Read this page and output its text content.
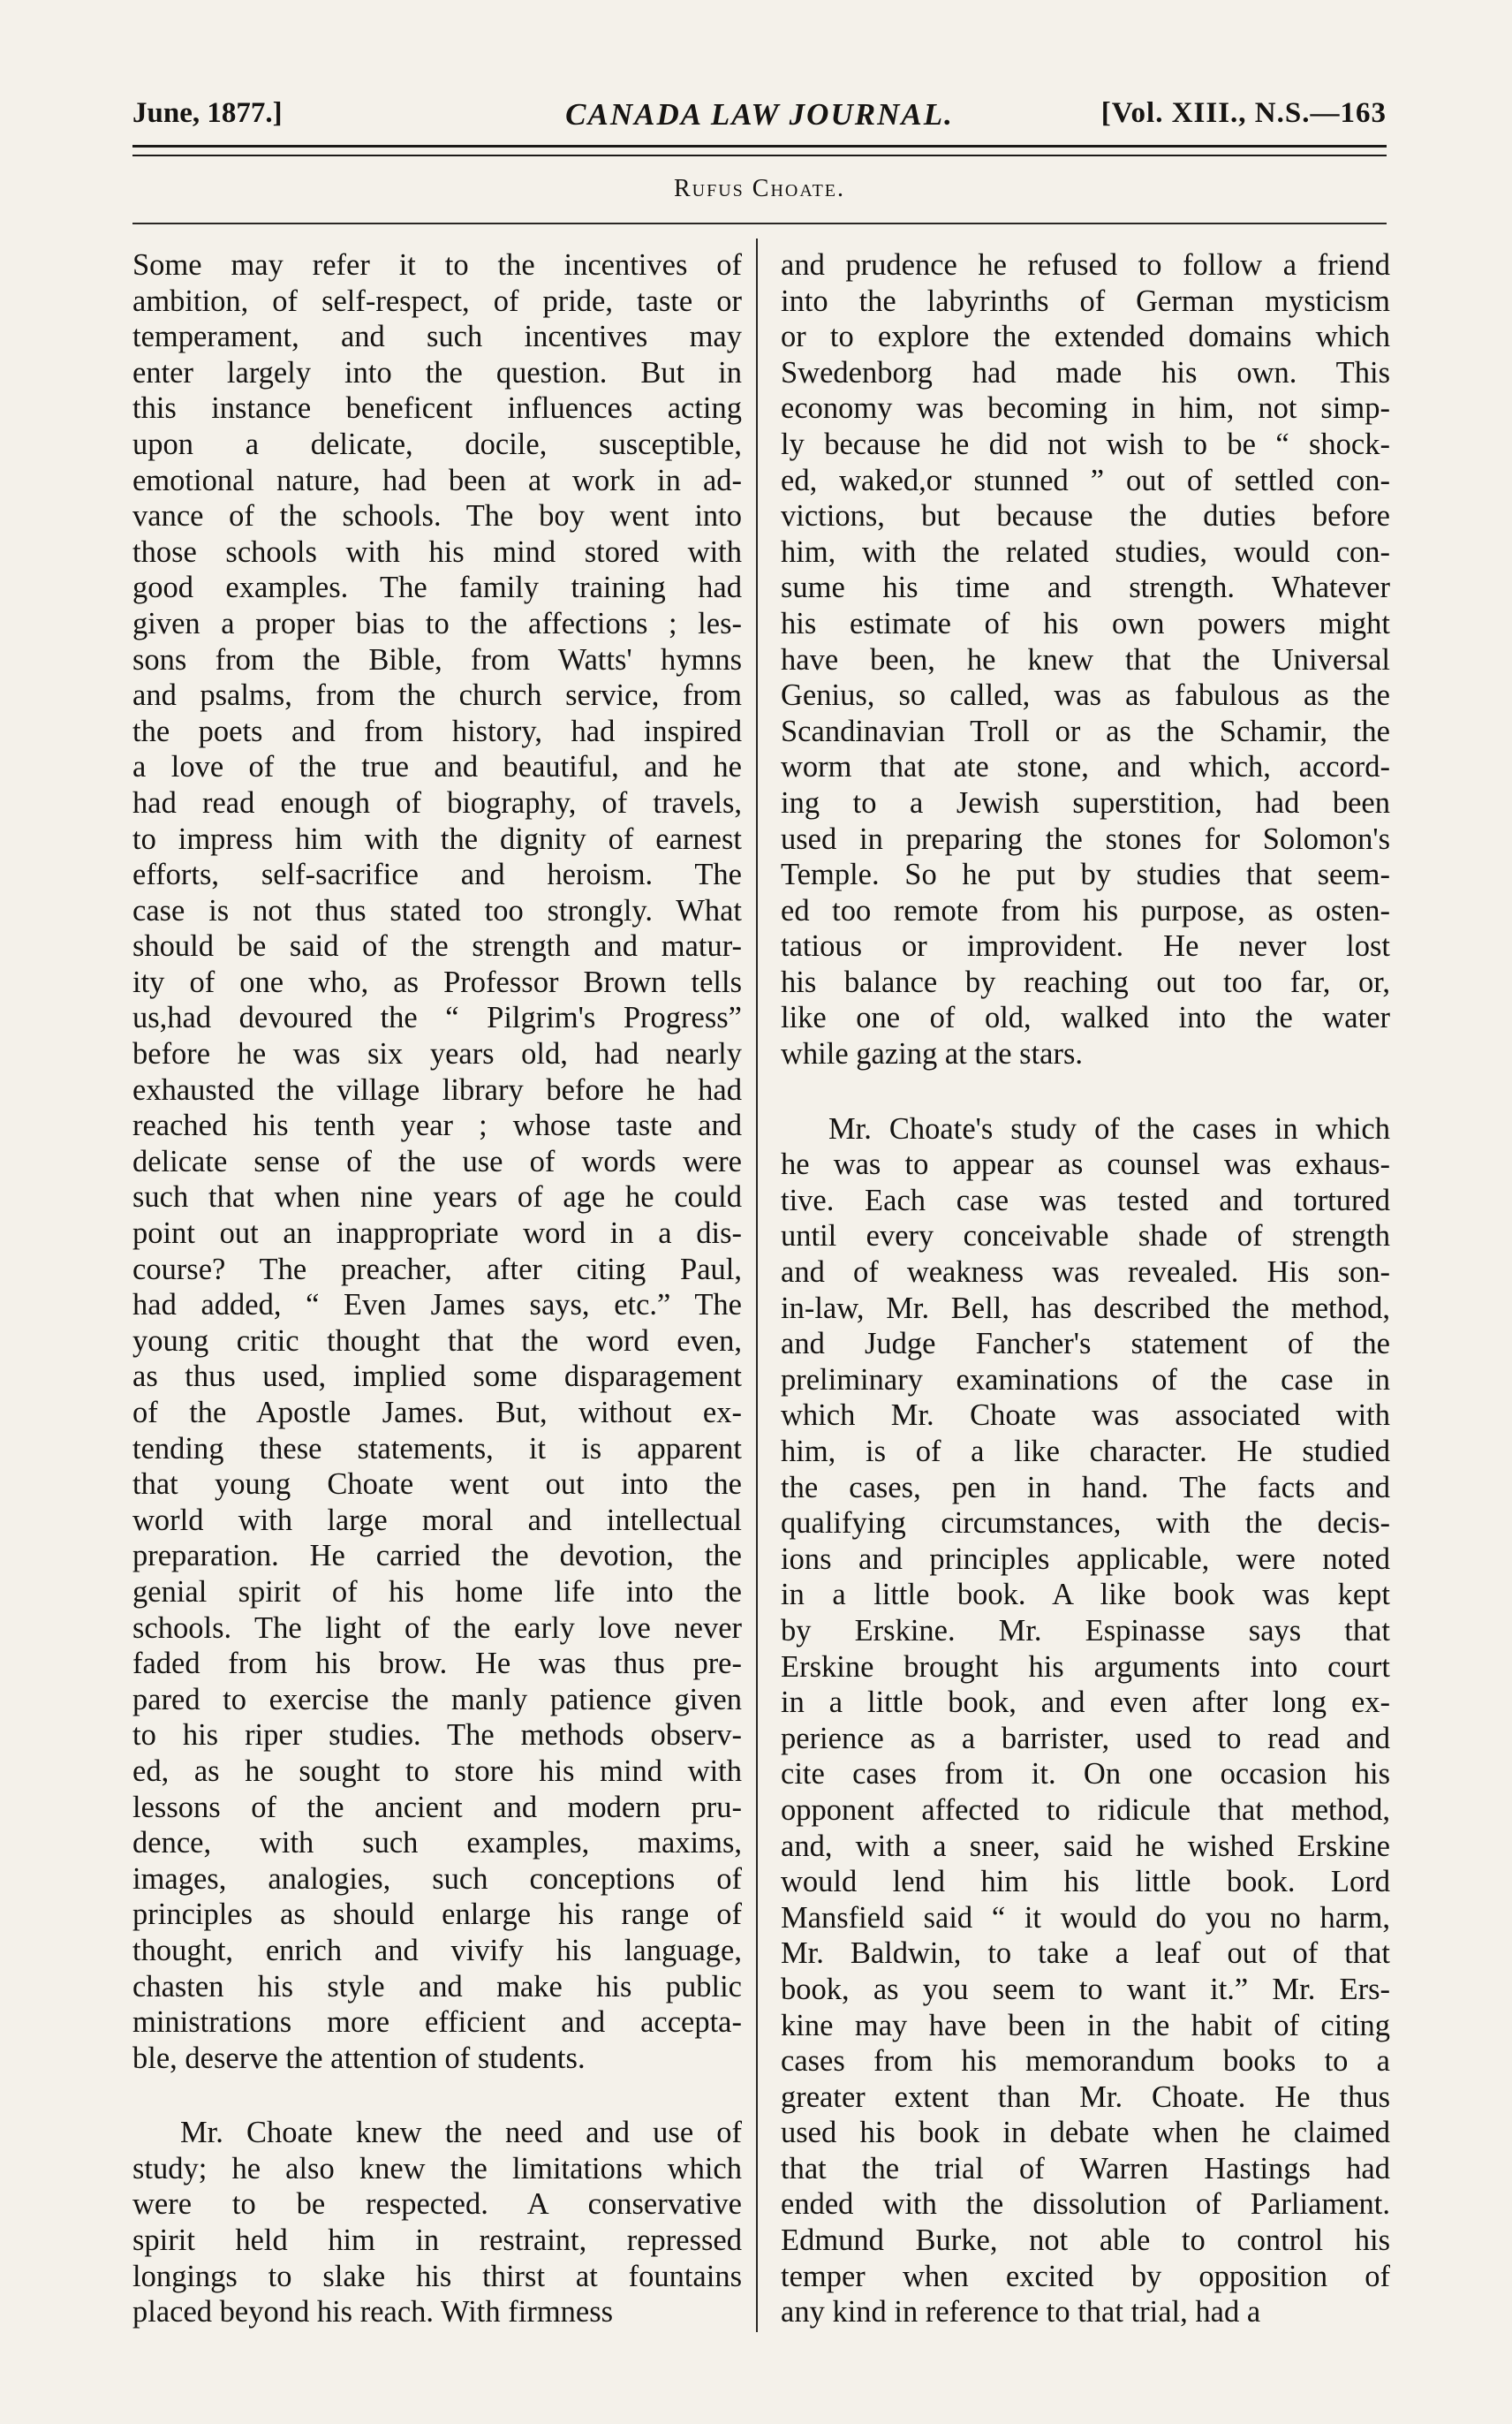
June, 1877.]	CANADA LAW JOURNAL.	[Vol. XIII., N.S.—163
Rufus Choate.
Some may refer it to the incentives of
ambition, of self-respect, of pride, taste or
temperament, and such incentives may
enter largely into the question. But in
this instance beneficent influences acting
upon a delicate, docile, susceptible,
emotional nature, had been at work in ad-
vance of the schools. The boy went into
those schools with his mind stored with
good examples. The family training had
given a proper bias to the affections ; les-
sons from the Bible, from Watts' hymns
and psalms, from the church service, from
the poets and from history, had inspired
a love of the true and beautiful, and he
had read enough of biography, of travels,
to impress him with the dignity of earnest
efforts, self-sacrifice and heroism. The
case is not thus stated too strongly. What
should be said of the strength and matur-
ity of one who, as Professor Brown tells
us,had devoured the “ Pilgrim's Progress”
before he was six years old, had nearly
exhausted the village library before he had
reached his tenth year ; whose taste and
delicate sense of the use of words were
such that when nine years of age he could
point out an inappropriate word in a dis-
course? The preacher, after citing Paul,
had added, “ Even James says, etc.” The
young critic thought that the word even,
as thus used, implied some disparagement
of the Apostle James. But, without ex-
tending these statements, it is apparent
that young Choate went out into the
world with large moral and intellectual
preparation. He carried the devotion, the
genial spirit of his home life into the
schools. The light of the early love never
faded from his brow. He was thus pre-
pared to exercise the manly patience given
to his riper studies. The methods observ-
ed, as he sought to store his mind with
lessons of the ancient and modern pru-
dence, with such examples, maxims,
images, analogies, such conceptions of
principles as should enlarge his range of
thought, enrich and vivify his language,
chasten his style and make his public
ministrations more efficient and accepta-
ble, deserve the attention of students.
Mr. Choate knew the need and use of
study; he also knew the limitations which
were to be respected. A conservative
spirit held him in restraint, repressed
longings to slake his thirst at fountains
placed beyond his reach. With firmness
and prudence he refused to follow a friend
into the labyrinths of German mysticism
or to explore the extended domains which
Swedenborg had made his own. This
economy was becoming in him, not simp-
ly because he did not wish to be “ shock-
ed, waked,or stunned ” out of settled con-
victions, but because the duties before
him, with the related studies, would con-
sume his time and strength. Whatever
his estimate of his own powers might
have been, he knew that the Universal
Genius, so called, was as fabulous as the
Scandinavian Troll or as the Schamir, the
worm that ate stone, and which, accord-
ing to a Jewish superstition, had been
used in preparing the stones for Solomon's
Temple. So he put by studies that seem-
ed too remote from his purpose, as osten-
tatious or improvident. He never lost
his balance by reaching out too far, or,
like one of old, walked into the water
while gazing at the stars.
Mr. Choate's study of the cases in which
he was to appear as counsel was exhaus-
tive. Each case was tested and tortured
until every conceivable shade of strength
and of weakness was revealed. His son-
in-law, Mr. Bell, has described the method,
and Judge Fancher's statement of the
preliminary examinations of the case in
which Mr. Choate was associated with
him, is of a like character. He studied
the cases, pen in hand. The facts and
qualifying circumstances, with the decis-
ions and principles applicable, were noted
in a little book. A like book was kept
by Erskine. Mr. Espinasse says that
Erskine brought his arguments into court
in a little book, and even after long ex-
perience as a barrister, used to read and
cite cases from it. On one occasion his
opponent affected to ridicule that method,
and, with a sneer, said he wished Erskine
would lend him his little book. Lord
Mansfield said “ it would do you no harm,
Mr. Baldwin, to take a leaf out of that
book, as you seem to want it.” Mr. Ers-
kine may have been in the habit of citing
cases from his memorandum books to a
greater extent than Mr. Choate. He thus
used his book in debate when he claimed
that the trial of Warren Hastings had
ended with the dissolution of Parliament.
Edmund Burke, not able to control his
temper when excited by opposition of
any kind in reference to that trial, had a
